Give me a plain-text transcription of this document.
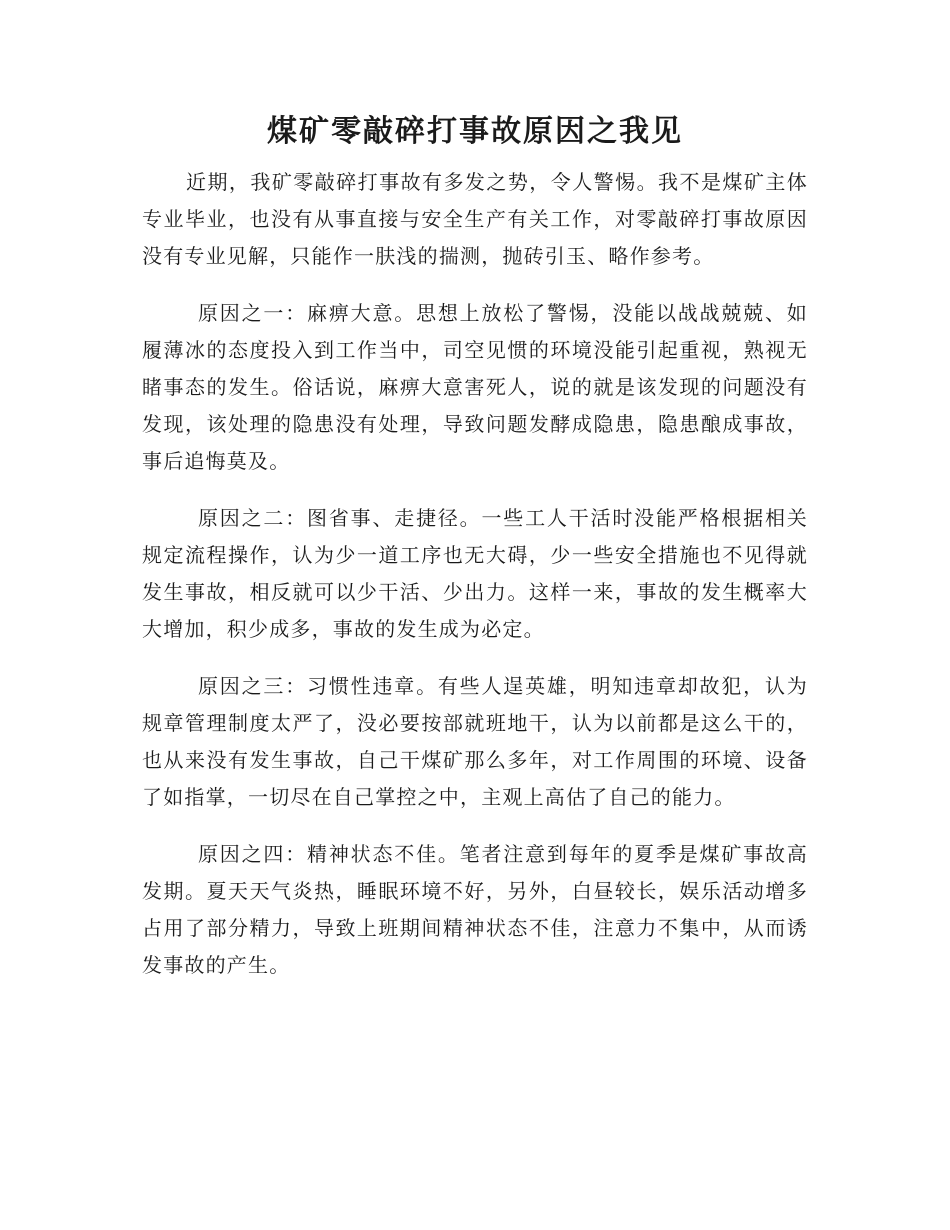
煤矿零敲碎打事故原因之我见

近期，我矿零敲碎打事故有多发之势，令人警惕。我不是煤矿主体专业毕业，也没有从事直接与安全生产有关工作，对零敲碎打事故原因没有专业见解，只能作一肤浅的揣测，抛砖引玉、略作参考。

原因之一：麻痹大意。思想上放松了警惕，没能以战战兢兢、如履薄冰的态度投入到工作当中，司空见惯的环境没能引起重视，熟视无睹事态的发生。俗话说，麻痹大意害死人，说的就是该发现的问题没有发现，该处理的隐患没有处理，导致问题发酵成隐患，隐患酿成事故，事后追悔莫及。

原因之二：图省事、走捷径。一些工人干活时没能严格根据相关规定流程操作，认为少一道工序也无大碍，少一些安全措施也不见得就发生事故，相反就可以少干活、少出力。这样一来，事故的发生概率大大增加，积少成多，事故的发生成为必定。

原因之三：习惯性违章。有些人逞英雄，明知违章却故犯，认为规章管理制度太严了，没必要按部就班地干，认为以前都是这么干的，也从来没有发生事故，自己干煤矿那么多年，对工作周围的环境、设备了如指掌，一切尽在自己掌控之中，主观上高估了自己的能力。

原因之四：精神状态不佳。笔者注意到每年的夏季是煤矿事故高发期。夏天天气炎热，睡眠环境不好，另外，白昼较长，娱乐活动增多占用了部分精力，导致上班期间精神状态不佳，注意力不集中，从而诱发事故的产生。
